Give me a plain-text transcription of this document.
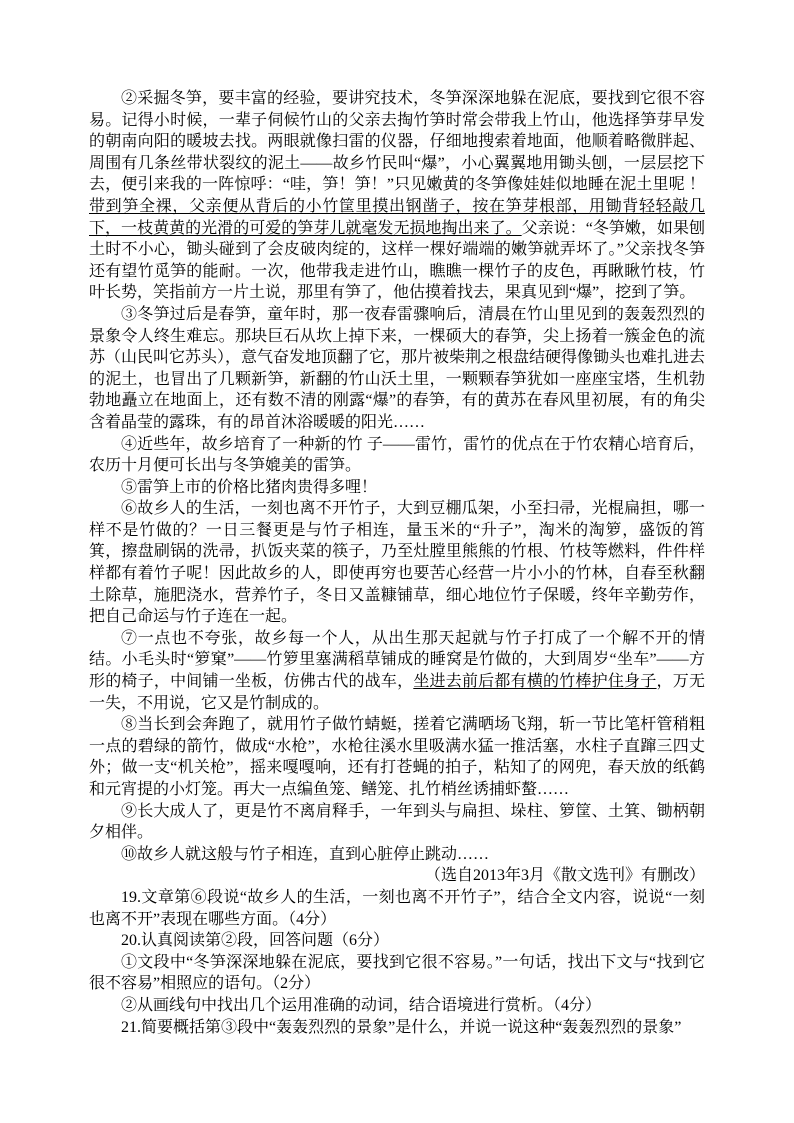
②采掘冬笋，要丰富的经验，要讲究技术，冬笋深深地躲在泥底，要找到它很不容易。记得小时候，一辈子伺候竹山的父亲去掏竹笋时常会带我上竹山，他选择笋芽早发的朝南向阳的暖坡去找。两眼就像扫雷的仪器，仔细地搜索着地面，他顺着略微胖起、周围有几条丝带状裂纹的泥土——故乡竹民叫“爆”，小心翼翼地用锄头刨，一层层挖下去，便引来我的一阵惊呼：“哇，笋！笋！”只见嫩黄的冬笋像娃娃似地睡在泥土里呢 ！带到笋全裸，父亲便从背后的小竹筐里摸出钢凿子，按在笋芽根部，用锄背轻轻敲几下，一枝黄黄的光滑的可爱的笋芽儿就毫发无损地掏出来了。父亲说：“冬笋嫩，如果刨土时不小心，锄头碰到了会皮破肉绽的，这样一棵好端端的嫩笋就弄坏了。”父亲找冬笋还有望竹觅笋的能耐。一次，他带我走进竹山，瞧瞧一棵竹子的皮色，再瞅瞅竹枝，竹叶长势，笑指前方一片土说，那里有笋了，他估摸着找去，果真见到“爆”，挖到了笋。

③冬笋过后是春笋，童年时，那一夜春雷骤响后，清晨在竹山里见到的轰轰烈烈的景象令人终生难忘。那块巨石从坎上掉下来，一棵硕大的春笋，尖上扬着一簇金色的流苏（山民叫它苏头），意气奋发地顶翻了它，那片被柴荆之根盘结硬得像锄头也难扎进去的泥土，也冒出了几颗新笋，新翻的竹山沃土里，一颗颗春笋犹如一座座宝塔，生机勃勃地矗立在地面上，还有数不清的刚露“爆”的春笋，有的黄苏在春风里初展，有的角尖含着晶莹的露珠，有的昂首沐浴暖暖的阳光……

④近些年，故乡培育了一种新的竹 子——雷竹，雷竹的优点在于竹农精心培育后，农历十月便可长出与冬笋媲美的雷笋。

⑤雷笋上市的价格比猪肉贵得多哩！

⑥故乡人的生活，一刻也离不开竹子，大到豆棚瓜架，小至扫帚，光棍扁担，哪一样不是竹做的？一日三餐更是与竹子相连，量玉米的“升子”，淘米的淘箩，盛饭的筲箕，擦盘刷锅的洗帚，扒饭夹菜的筷子，乃至灶膛里熊熊的竹根、竹枝等燃料，件件样样都有着竹子呢！因此故乡的人，即使再穷也要苦心经营一片小小的竹林，自春至秋翻土除草，施肥浇水，营养竹子，冬日又盖糠铺草，细心地位竹子保暖，终年辛勤劳作，把自己命运与竹子连在一起。

⑦一点也不夸张，故乡每一个人，从出生那天起就与竹子打成了一个解不开的情结。小毛头时“箩窠”——竹箩里塞满稻草铺成的睡窝是竹做的，大到周岁“坐车”——方形的椅子，中间铺一坐板，仿佛古代的战车，坐进去前后都有横的竹棒护住身子，万无一失，不用说，它又是竹制成的。

⑧当长到会奔跑了，就用竹子做竹蜻蜓，搓着它满晒场飞翔，斩一节比笔杆管稍粗一点的碧绿的箭竹，做成“水枪”，水枪往溪水里吸满水猛一推活塞，水柱子直蹿三四丈外；做一支“机关枪”，摇来嘎嘎响，还有打苍蝇的拍子，粘知了的网兜，春天放的纸鹤和元宵提的小灯笼。再大一点编鱼笼、鳝笼、扎竹梢丝诱捕虾螯……

⑨长大成人了，更是竹不离肩释手，一年到头与扁担、垛柱、箩筐、土箕、锄柄朝夕相伴。

⑩故乡人就这般与竹子相连，直到心脏停止跳动……

（选自2013年3月《散文选刊》有删改）

19.文章第⑥段说“故乡人的生活，一刻也离不开竹子”，结合全文内容，说说“一刻也离不开”表现在哪些方面。（4分）

20.认真阅读第②段，回答问题（6分）

①文段中“冬笋深深地躲在泥底，要找到它很不容易。”一句话，找出下文与“找到它很不容易”相照应的语句。（2分）

②从画线句中找出几个运用准确的动词，结合语境进行赏析。（4分）

21.简要概括第③段中“轰轰烈烈的景象”是什么，并说一说这种“轰轰烈烈的景象”
